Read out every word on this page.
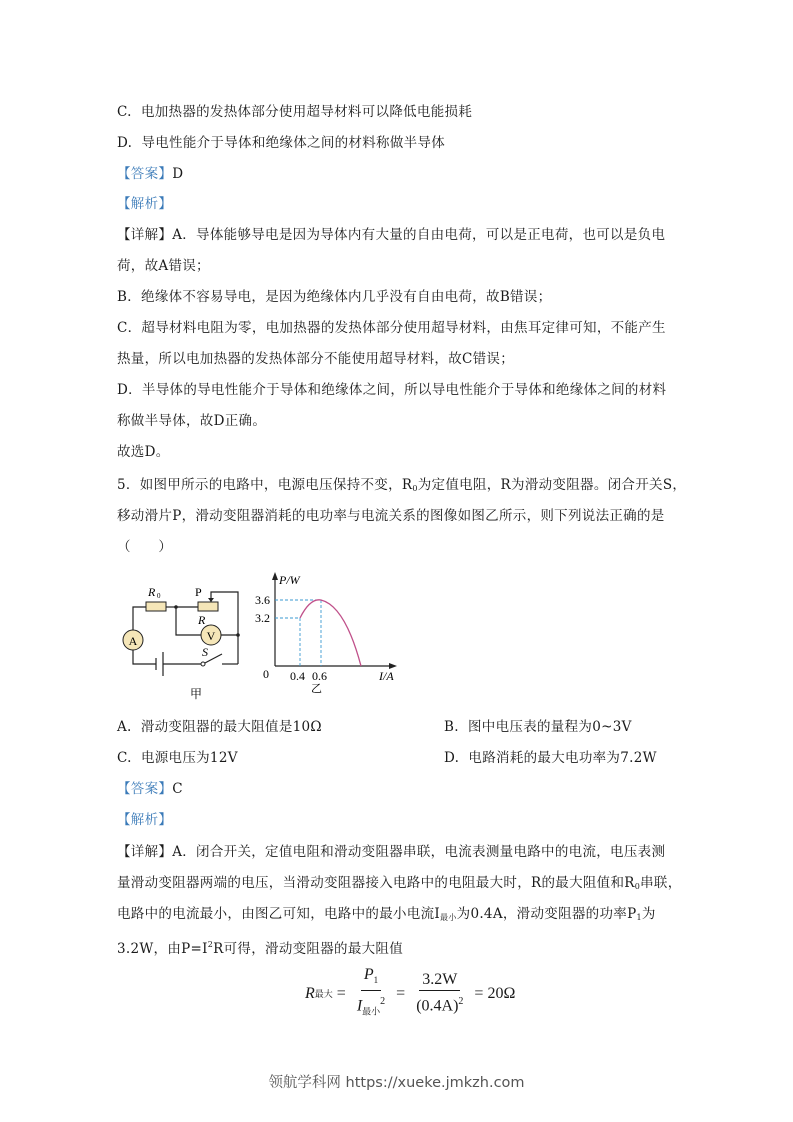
C. 电加热器的发热体部分使用超导材料可以降低电能损耗
D. 导电性能介于导体和绝缘体之间的材料称做半导体
【答案】D
【解析】
【详解】A．导体能够导电是因为导体内有大量的自由电荷，可以是正电荷，也可以是负电
荷，故A错误；
B．绝缘体不容易导电，是因为绝缘体内几乎没有自由电荷，故B错误；
C．超导材料电阻为零，电加热器的发热体部分使用超导材料，由焦耳定律可知，不能产生
热量，所以电加热器的发热体部分不能使用超导材料，故C错误；
D．半导体的导电性能介于导体和绝缘体之间，所以导电性能介于导体和绝缘体之间的材料
称做半导体，故D正确。
故选D。
5．如图甲所示的电路中，电源电压保持不变，$R_0$为定值电阻，R为滑动变阻器。闭合开关S，
移动滑片P，滑动变阻器消耗的电功率与电流关系的图像如图乙所示，则下列说法正确的是
（　　）
A	V
R 0	P
R
S
甲
P/W
3.6
3.2
0 0.4 0.6	I/A
乙
A. 滑动变阻器的最大阻值是10Ω	B. 图中电压表的量程为0~3V
C. 电源电压为12V	D. 电路消耗的最大电功率为7.2W
【答案】C
【解析】
【详解】A．闭合开关，定值电阻和滑动变阻器串联，电流表测量电路中的电流，电压表测
量滑动变阻器两端的电压，当滑动变阻器接入电路中的电阻最大时，R的最大阻值和$R_0$串联，
电路中的电流最小，由图乙可知，电路中的最小电流$I_{最小}$为0.4A，滑动变阻器的功率$P_1$为
3.2W，由$P=I^2R$可得，滑动变阻器的最大阻值
R 最大 = $\frac{P_1}{I_{最小}^2} = \frac{3.2W}{(0.4A)^2} = 20\Omega$
领航学科网 https://xueke.jmkzh.com
